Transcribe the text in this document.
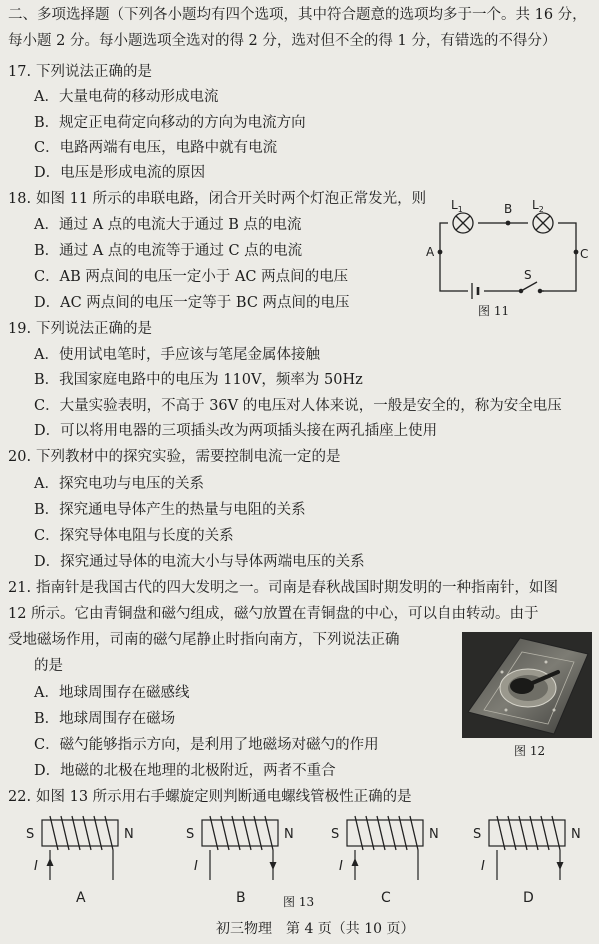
二、多项选择题（下列各小题均有四个选项，其中符合题意的选项均多于一个。共 16 分，
每小题 2 分。每小题选项全选对的得 2 分，选对但不全的得 1 分，有错选的不得分）
17. 下列说法正确的是
A．大量电荷的移动形成电流
B．规定正电荷定向移动的方向为电流方向
C．电路两端有电压，电路中就有电流
D．电压是形成电流的原因
18. 如图 11 所示的串联电路，闭合开关时两个灯泡正常发光，则
A．通过 A 点的电流大于通过 B 点的电流
B．通过 A 点的电流等于通过 C 点的电流
C．AB 两点间的电压一定小于 AC 两点间的电压
D．AC 两点间的电压一定等于 BC 两点间的电压
$L_1$	$L_2$
B
A	C
S
图 11
19. 下列说法正确的是
A．使用试电笔时，手应该与笔尾金属体接触
B．我国家庭电路中的电压为 110V，频率为 50Hz
C．大量实验表明，不高于 36V 的电压对人体来说，一般是安全的，称为安全电压
D．可以将用电器的三项插头改为两项插头接在两孔插座上使用
20. 下列教材中的探究实验，需要控制电流一定的是
A．探究电功与电压的关系
B．探究通电导体产生的热量与电阻的关系
C．探究导体电阻与长度的关系
D．探究通过导体的电流大小与导体两端电压的关系
21. 指南针是我国古代的四大发明之一。司南是春秋战国时期发明的一种指南针，如图
12 所示。它由青铜盘和磁勺组成，磁勺放置在青铜盘的中心，可以自由转动。由于
受地磁场作用，司南的磁勺尾静止时指向南方，下列说法正确
的是
A．地球周围存在磁感线
B．地球周围存在磁场
C．磁勺能够指示方向，是利用了地磁场对磁勺的作用
D．地磁的北极在地理的北极附近，两者不重合
图 12
22. 如图 13 所示用右手螺旋定则判断通电螺线管极性正确的是
S	N
I
A
S	N
I
B
S	N
I
C
S	N
I
D
图 13
初三物理　第 4 页（共 10 页）
